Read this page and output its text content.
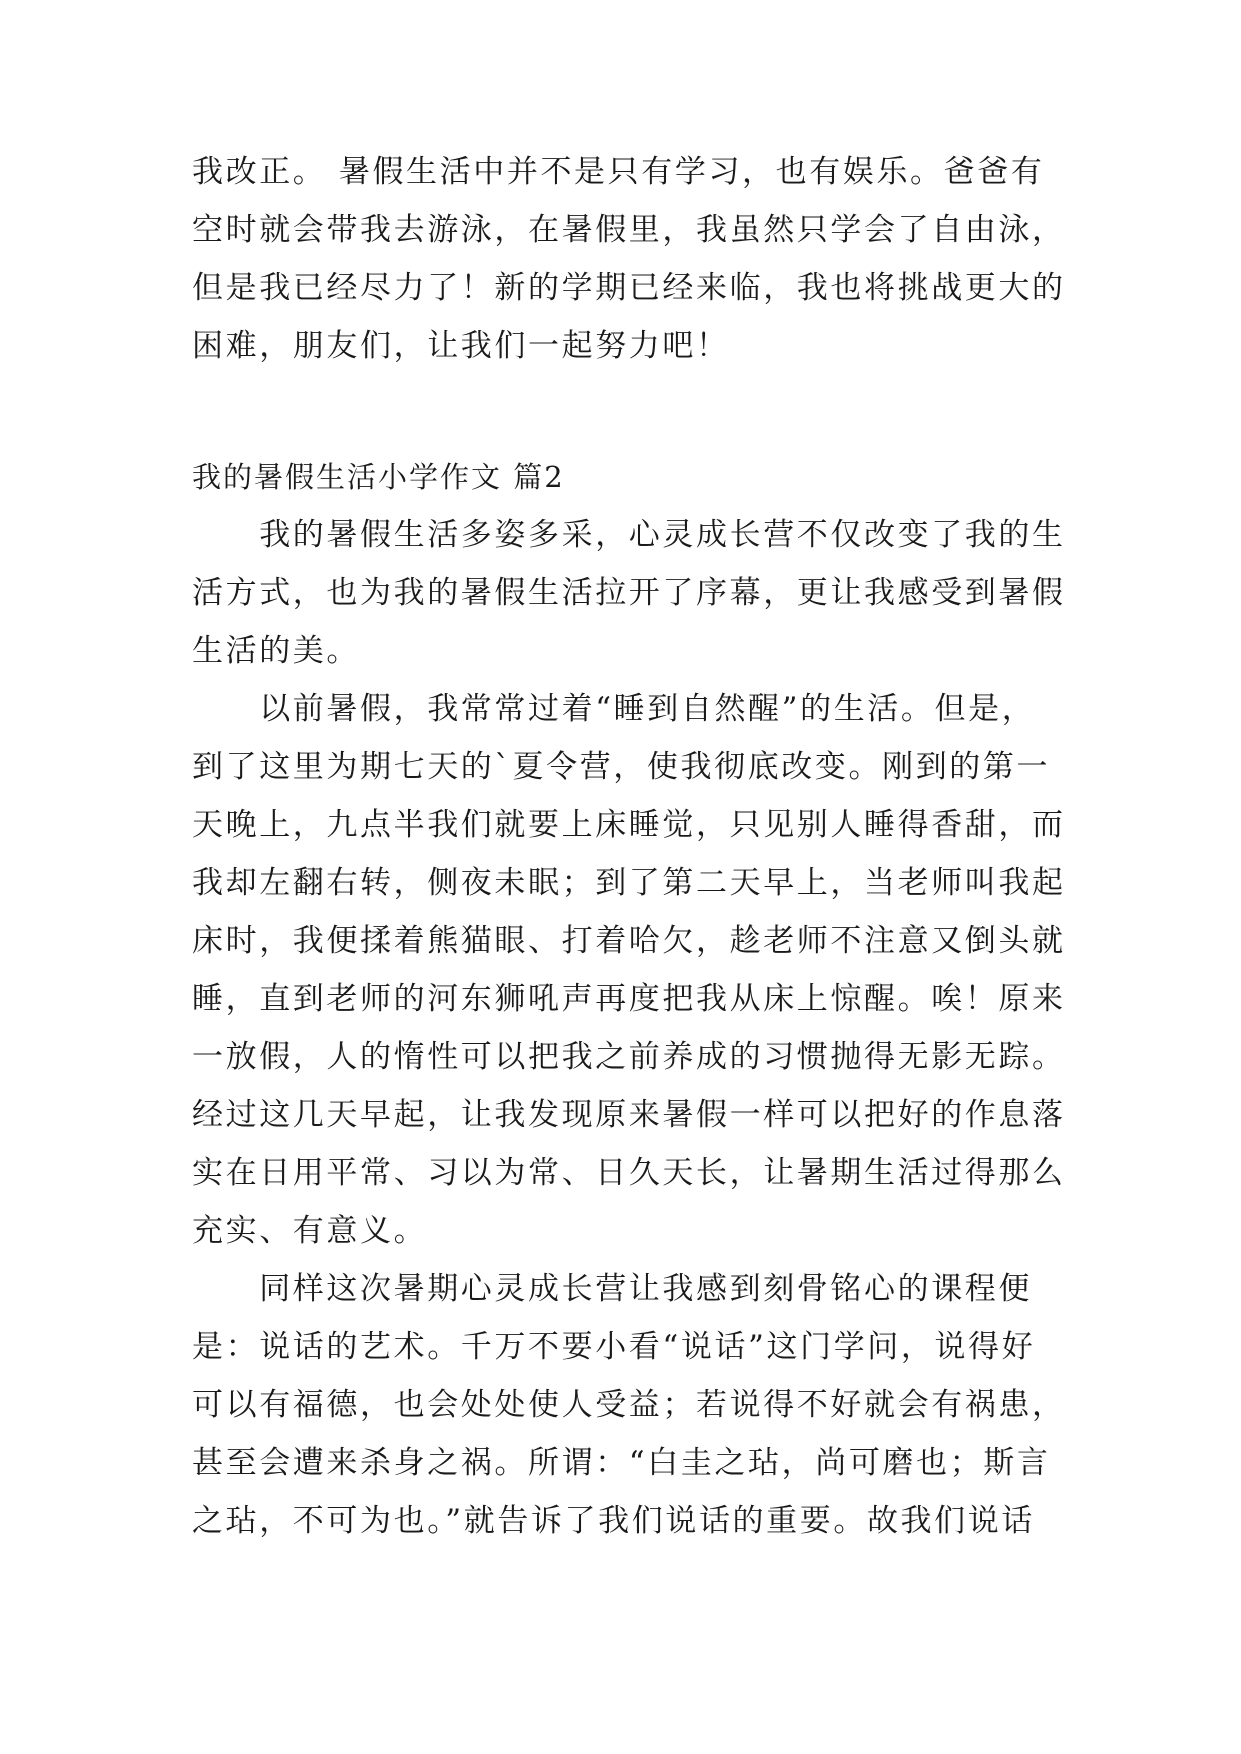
我改正。 暑假生活中并不是只有学习，也有娱乐。爸爸有
空时就会带我去游泳，在暑假里，我虽然只学会了自由泳，
但是我已经尽力了！新的学期已经来临，我也将挑战更大的
困难，朋友们，让我们一起努力吧！
我的暑假生活小学作文 篇2
　　我的暑假生活多姿多采，心灵成长营不仅改变了我的生
活方式，也为我的暑假生活拉开了序幕，更让我感受到暑假
生活的美。
　　以前暑假，我常常过着“睡到自然醒”的生活。但是，
到了这里为期七天的`夏令营，使我彻底改变。刚到的第一
天晚上，九点半我们就要上床睡觉，只见别人睡得香甜，而
我却左翻右转，侧夜未眠；到了第二天早上，当老师叫我起
床时，我便揉着熊猫眼、打着哈欠，趁老师不注意又倒头就
睡，直到老师的河东狮吼声再度把我从床上惊醒。唉！原来
一放假，人的惰性可以把我之前养成的习惯抛得无影无踪。
经过这几天早起，让我发现原来暑假一样可以把好的作息落
实在日用平常、习以为常、日久天长，让暑期生活过得那么
充实、有意义。
　　同样这次暑期心灵成长营让我感到刻骨铭心的课程便
是：说话的艺术。千万不要小看“说话”这门学问，说得好
可以有福德，也会处处使人受益；若说得不好就会有祸患，
甚至会遭来杀身之祸。所谓：“白圭之玷，尚可磨也；斯言
之玷，不可为也。”就告诉了我们说话的重要。故我们说话
